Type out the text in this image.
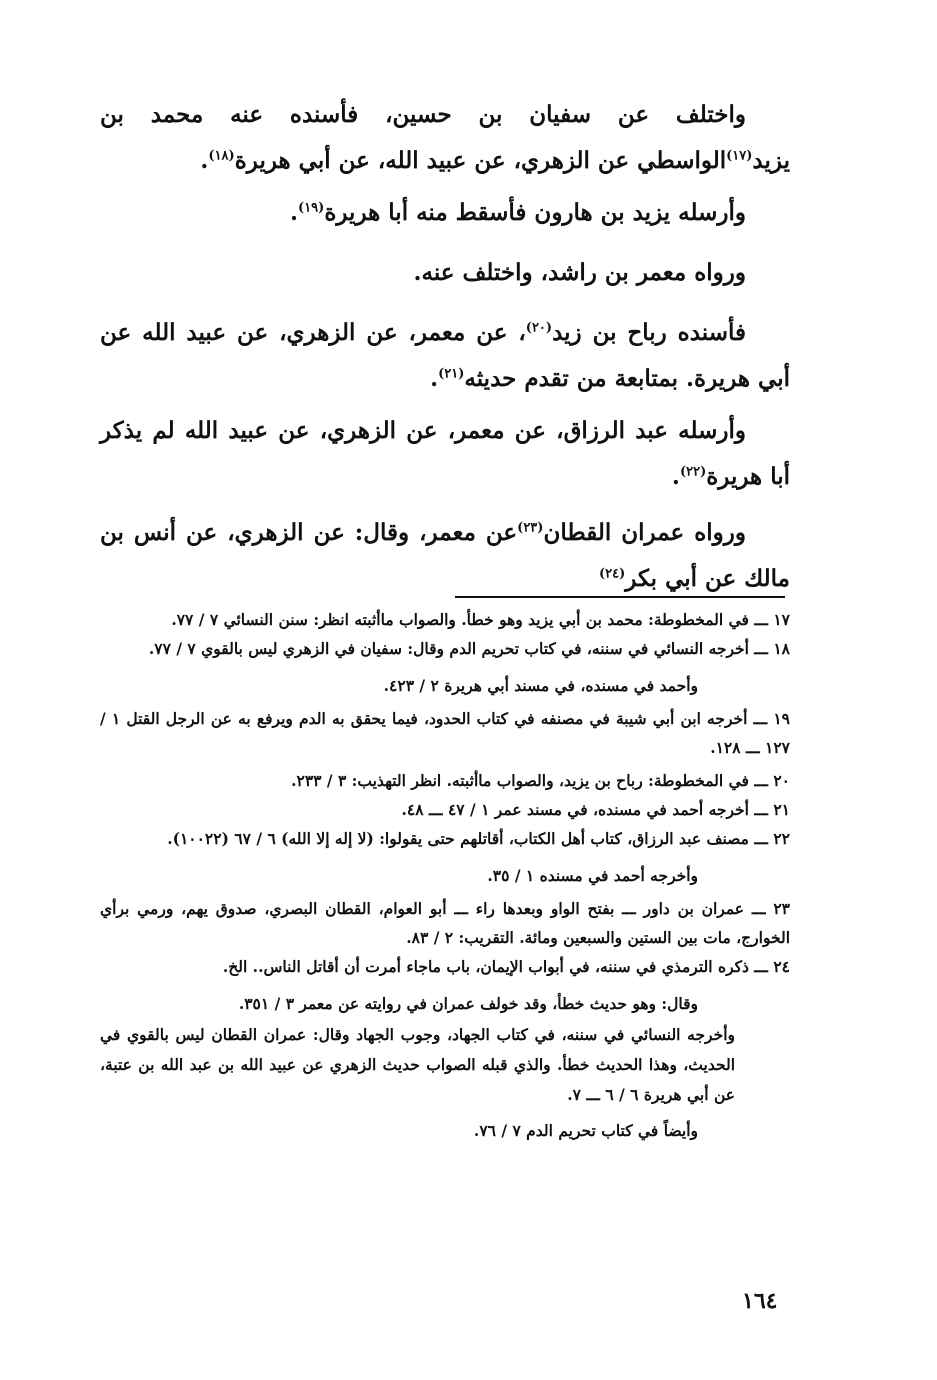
واختلف عن سفيان بن حسين، فأسنده عنه محمد بن يزيد$^{(١٧)}$الواسطي عن الزهري، عن عبيد الله، عن أبي هريرة$^{(١٨)}$.

وأرسله يزيد بن هارون فأسقط منه أبا هريرة$^{(١٩)}$.

ورواه معمر بن راشد، واختلف عنه.

فأسنده رباح بن زيد$^{(٢٠)}$، عن معمر، عن الزهري، عن عبيد الله عن أبي هريرة. بمتابعة من تقدم حديثه$^{(٢١)}$.

وأرسله عبد الرزاق، عن معمر، عن الزهري، عن عبيد الله لم يذكر أبا هريرة$^{(٢٢)}$.

ورواه عمران القطان$^{(٢٣)}$عن معمر، وقال: عن الزهري، عن أنس بن مالك عن أبي بكر$^{(٢٤)}$

١٧ ـــ في المخطوطة: محمد بن أبي يزيد وهو خطأ. والصواب ماأثبته انظر: سنن النسائي ٧ / ٧٧.

١٨ ـــ أخرجه النسائي في سننه، في كتاب تحريم الدم وقال: سفيان في الزهري ليس بالقوي ٧ / ٧٧.

وأحمد في مسنده، في مسند أبي هريرة ٢ / ٤٢٣.

١٩ ـــ أخرجه ابن أبي شيبة في مصنفه في كتاب الحدود، فيما يحقق به الدم ويرفع به عن الرجل القتل ١ / ١٢٧ ـــ ١٢٨.

٢٠ ـــ في المخطوطة: رباح بن يزيد، والصواب ماأثبته. انظر التهذيب: ٣ / ٢٣٣.

٢١ ـــ أخرجه أحمد في مسنده، في مسند عمر ١ / ٤٧ ـــ ٤٨.

٢٢ ـــ مصنف عبد الرزاق، كتاب أهل الكتاب، أقاتلهم حتى يقولوا: (لا إله إلا الله) ٦ / ٦٧ (١٠٠٢٢).

وأخرجه أحمد في مسنده ١ / ٣٥.

٢٣ ـــ عمران بن داور ـــ بفتح الواو وبعدها راء ـــ أبو العوام، القطان البصري، صدوق يهم، ورمي برأي الخوارج، مات بين الستين والسبعين ومائة. التقريب: ٢ / ٨٣.

٢٤ ـــ ذكره الترمذي في سننه، في أبواب الإيمان، باب ماجاء أمرت أن أقاتل الناس.. الخ.

وقال: وهو حديث خطأ، وقد خولف عمران في روايته عن معمر ٣ / ٣٥١.

وأخرجه النسائي في سننه، في كتاب الجهاد، وجوب الجهاد وقال: عمران القطان ليس بالقوي في الحديث، وهذا الحديث خطأ. والذي قبله الصواب حديث الزهري عن عبيد الله بن عبد الله بن عتبة، عن أبي هريرة ٦ / ٦ ـــ ٧.

وأيضاً في كتاب تحريم الدم ٧ / ٧٦.

١٦٤
